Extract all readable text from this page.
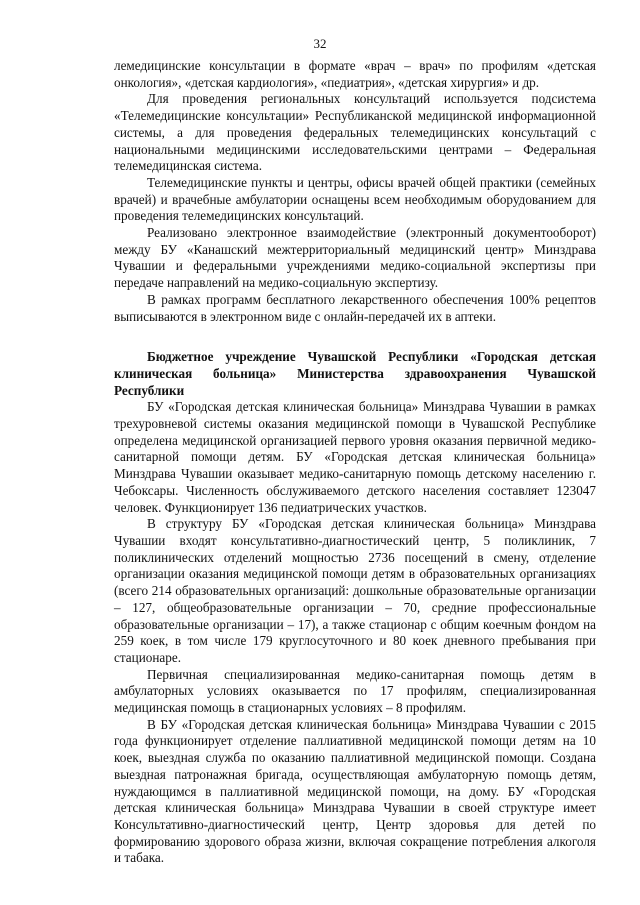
32

лемедицинские консультации в формате «врач – врач» по профилям «детская онкология», «детская кардиология», «педиатрия», «детская хирургия» и др.

Для проведения региональных консультаций используется подсистема «Телемедицинские консультации» Республиканской медицинской информационной системы, а для проведения федеральных телемедицинских консультаций с национальными медицинскими исследовательскими центрами – Федеральная телемедицинская система.

Телемедицинские пункты и центры, офисы врачей общей практики (семейных врачей) и врачебные амбулатории оснащены всем необходимым оборудованием для проведения телемедицинских консультаций.

Реализовано электронное взаимодействие (электронный документооборот) между БУ «Канашский межтерриториальный медицинский центр» Минздрава Чувашии и федеральными учреждениями медико-социальной экспертизы при передаче направлений на медико-социальную экспертизу.

В рамках программ бесплатного лекарственного обеспечения 100% рецептов выписываются в электронном виде с онлайн-передачей их в аптеки.

Бюджетное учреждение Чувашской Республики «Городская детская клиническая больница» Министерства здравоохранения Чувашской Республики

БУ «Городская детская клиническая больница» Минздрава Чувашии в рамках трехуровневой системы оказания медицинской помощи в Чувашской Республике определена медицинской организацией первого уровня оказания первичной медико-санитарной помощи детям. БУ «Городская детская клиническая больница» Минздрава Чувашии оказывает медико-санитарную помощь детскому населению г. Чебоксары. Численность обслуживаемого детского населения составляет 123047 человек. Функционирует 136 педиатрических участков.

В структуру БУ «Городская детская клиническая больница» Минздрава Чувашии входят консультативно-диагностический центр, 5 поликлиник, 7 поликлинических отделений мощностью 2736 посещений в смену, отделение организации оказания медицинской помощи детям в образовательных организациях (всего 214 образовательных организаций: дошкольные образовательные организации – 127, общеобразовательные организации – 70, средние профессиональные образовательные организации – 17), а также стационар с общим коечным фондом на 259 коек, в том числе 179 круглосуточного и 80 коек дневного пребывания при стационаре.

Первичная специализированная медико-санитарная помощь детям в амбулаторных условиях оказывается по 17 профилям, специализированная медицинская помощь в стационарных условиях – 8 профилям.

В БУ «Городская детская клиническая больница» Минздрава Чувашии с 2015 года функционирует отделение паллиативной медицинской помощи детям на 10 коек, выездная служба по оказанию паллиативной медицинской помощи. Создана выездная патронажная бригада, осуществляющая амбулаторную помощь детям, нуждающимся в паллиативной медицинской помощи, на дому. БУ «Городская детская клиническая больница» Минздрава Чувашии в своей структуре имеет Консультативно-диагностический центр, Центр здоровья для детей по формированию здорового образа жизни, включая сокращение потребления алкоголя и табака.
